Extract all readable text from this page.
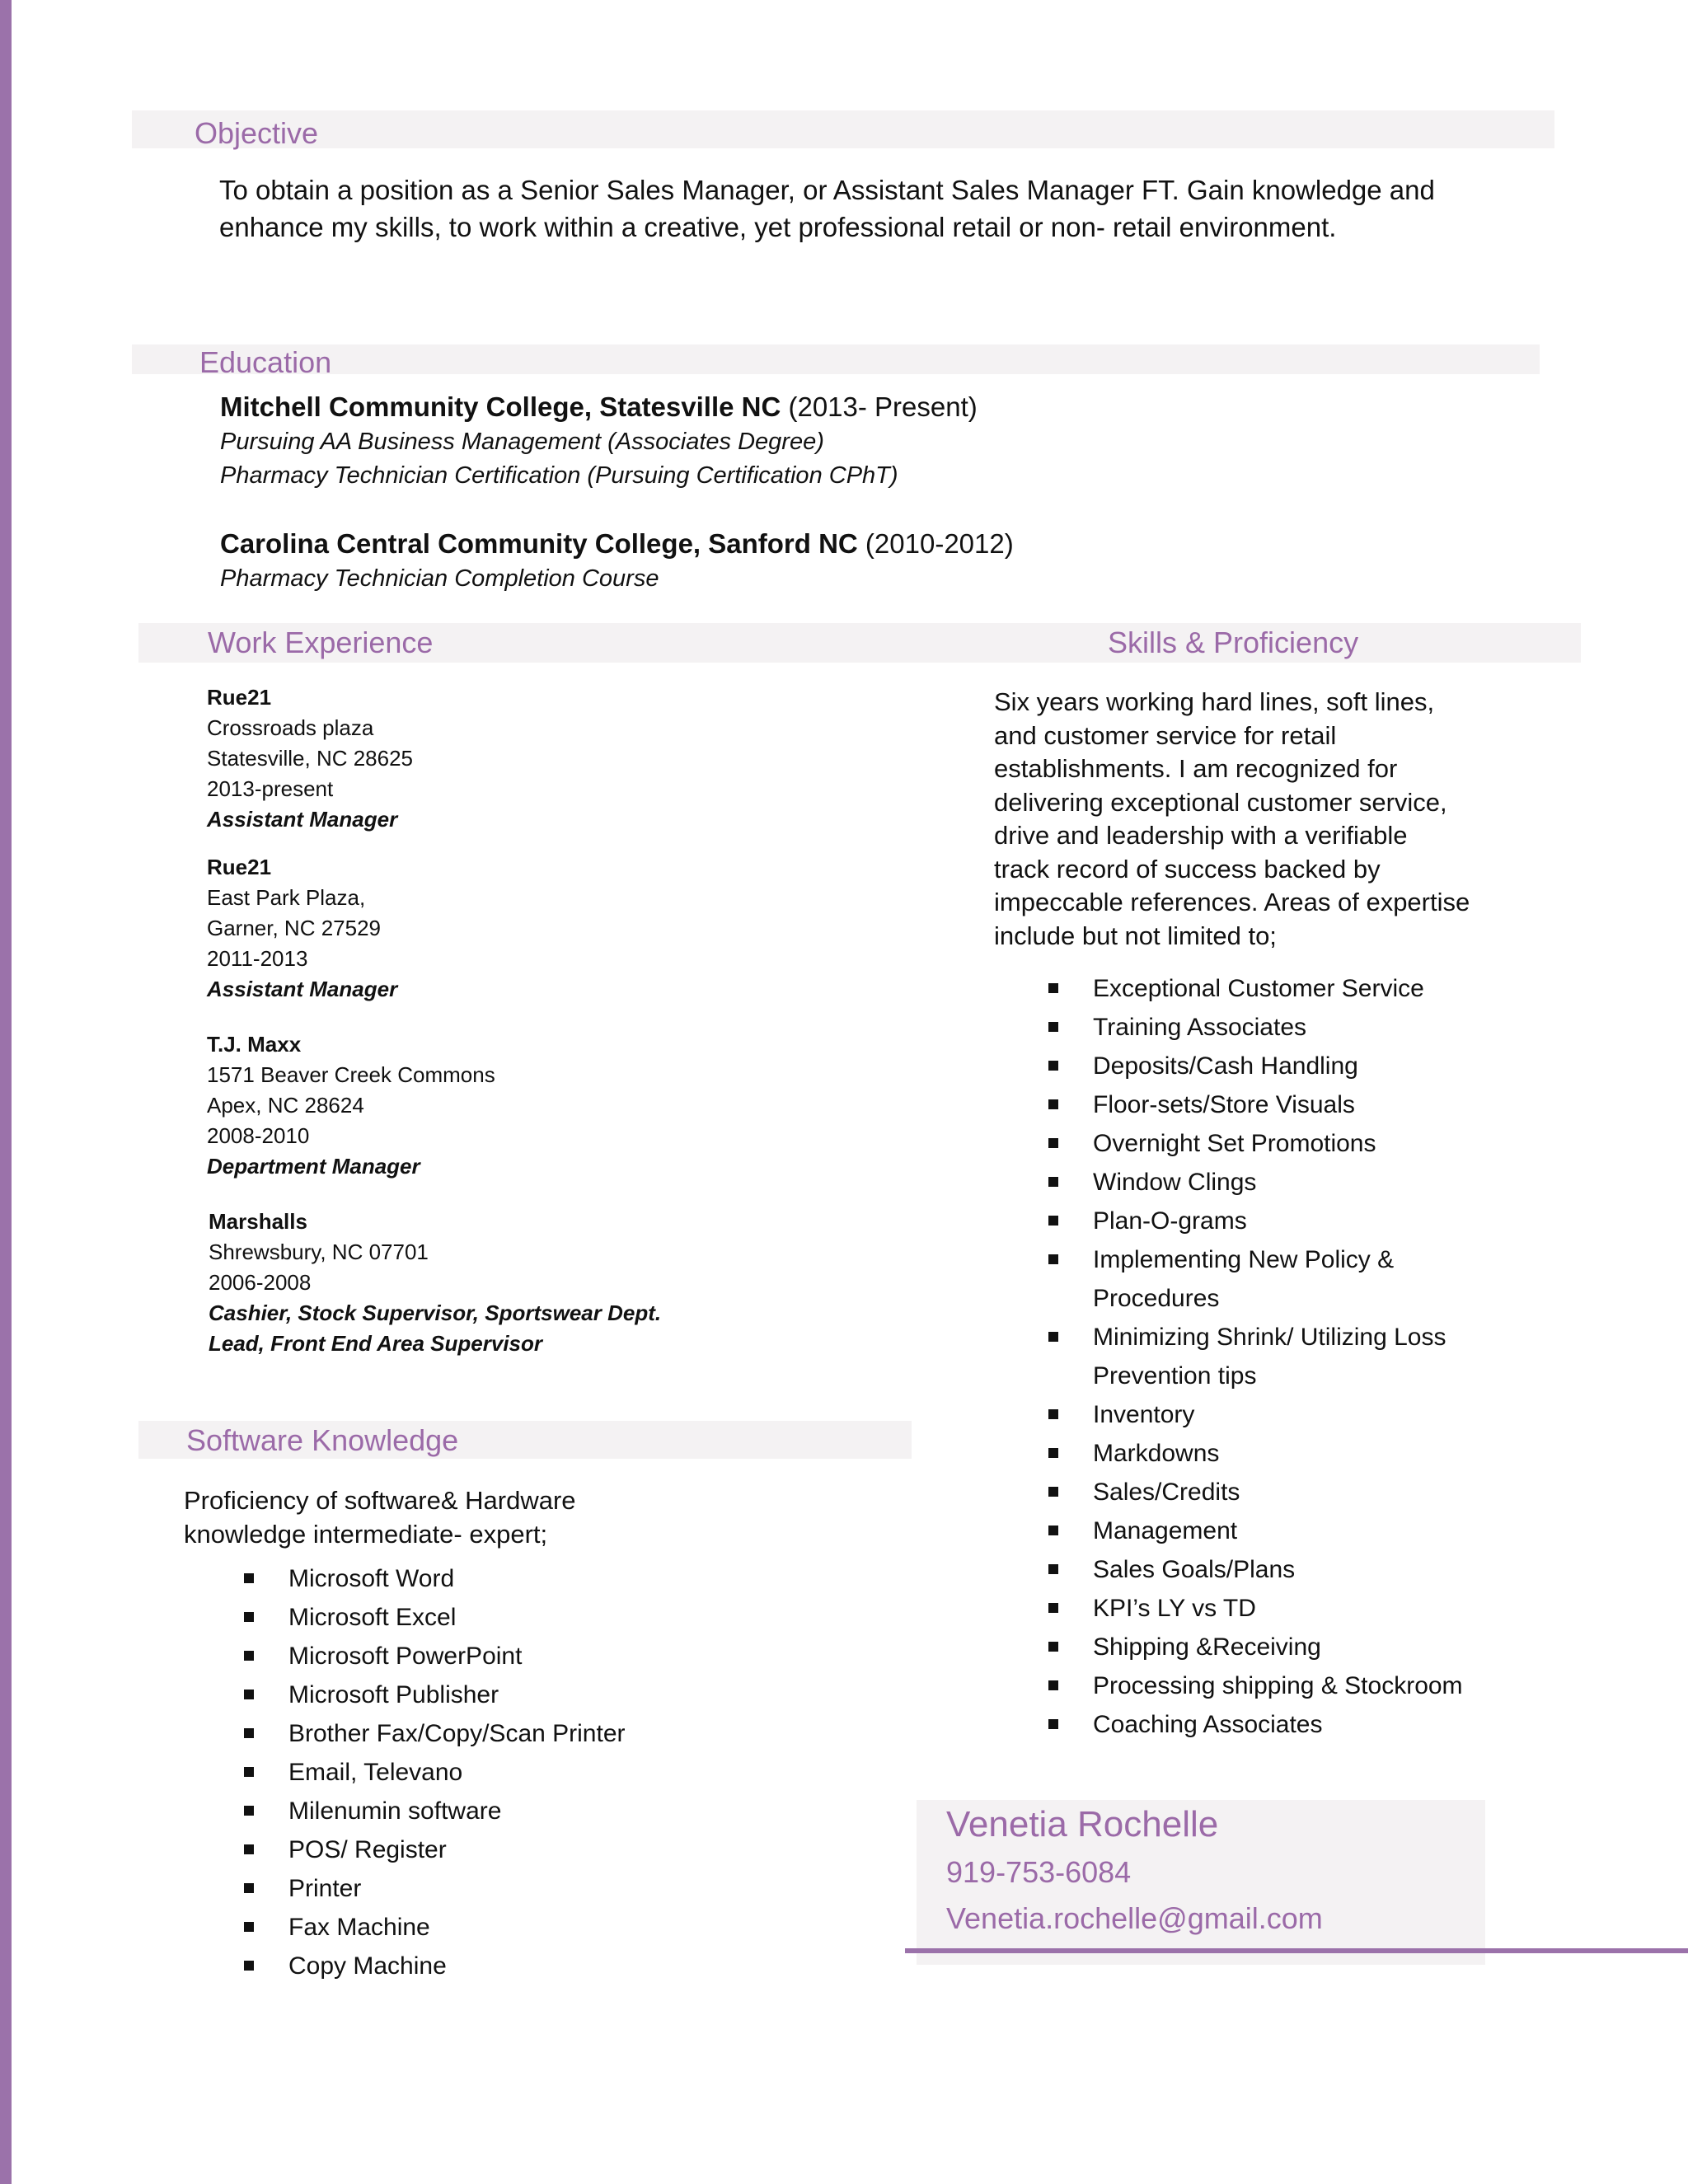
Objective
To obtain a position as a Senior Sales Manager, or Assistant Sales Manager FT. Gain knowledge and
enhance my skills, to work within a creative, yet professional retail or non- retail environment.
Education
Mitchell Community College, Statesville NC (2013- Present)
Pursuing AA Business Management (Associates Degree)
Pharmacy Technician Certification (Pursuing Certification CPhT)
Carolina Central Community College, Sanford NC (2010-2012)
Pharmacy Technician Completion Course
Work Experience	Skills & Proficiency
Rue21
Crossroads plaza
Statesville, NC 28625
2013-present
Assistant Manager
Rue21
East Park Plaza,
Garner, NC 27529
2011-2013
Assistant Manager
T.J. Maxx
1571 Beaver Creek Commons
Apex, NC 28624
2008-2010
Department Manager
Marshalls
Shrewsbury, NC 07701
2006-2008
Cashier, Stock Supervisor, Sportswear Dept.
Lead, Front End Area Supervisor
Six years working hard lines, soft lines,
and customer service for retail
establishments. I am recognized for
delivering exceptional customer service,
drive and leadership with a verifiable
track record of success backed by
impeccable references. Areas of expertise
include but not limited to;
Exceptional Customer Service
Training Associates
Deposits/Cash Handling
Floor-sets/Store Visuals
Overnight Set Promotions
Window Clings
Plan-O-grams
Implementing New Policy & Procedures
Minimizing Shrink/ Utilizing Loss Prevention tips
Inventory
Markdowns
Sales/Credits
Management
Sales Goals/Plans
KPI’s LY vs TD
Shipping &Receiving
Processing shipping & Stockroom
Coaching Associates
Software Knowledge
Proficiency of software& Hardware
knowledge intermediate- expert;
Microsoft Word
Microsoft Excel
Microsoft PowerPoint
Microsoft Publisher
Brother Fax/Copy/Scan Printer
Email, Televano
Milenumin software
POS/ Register
Printer
Fax Machine
Copy Machine
Venetia Rochelle
919-753-6084
Venetia.rochelle@gmail.com
